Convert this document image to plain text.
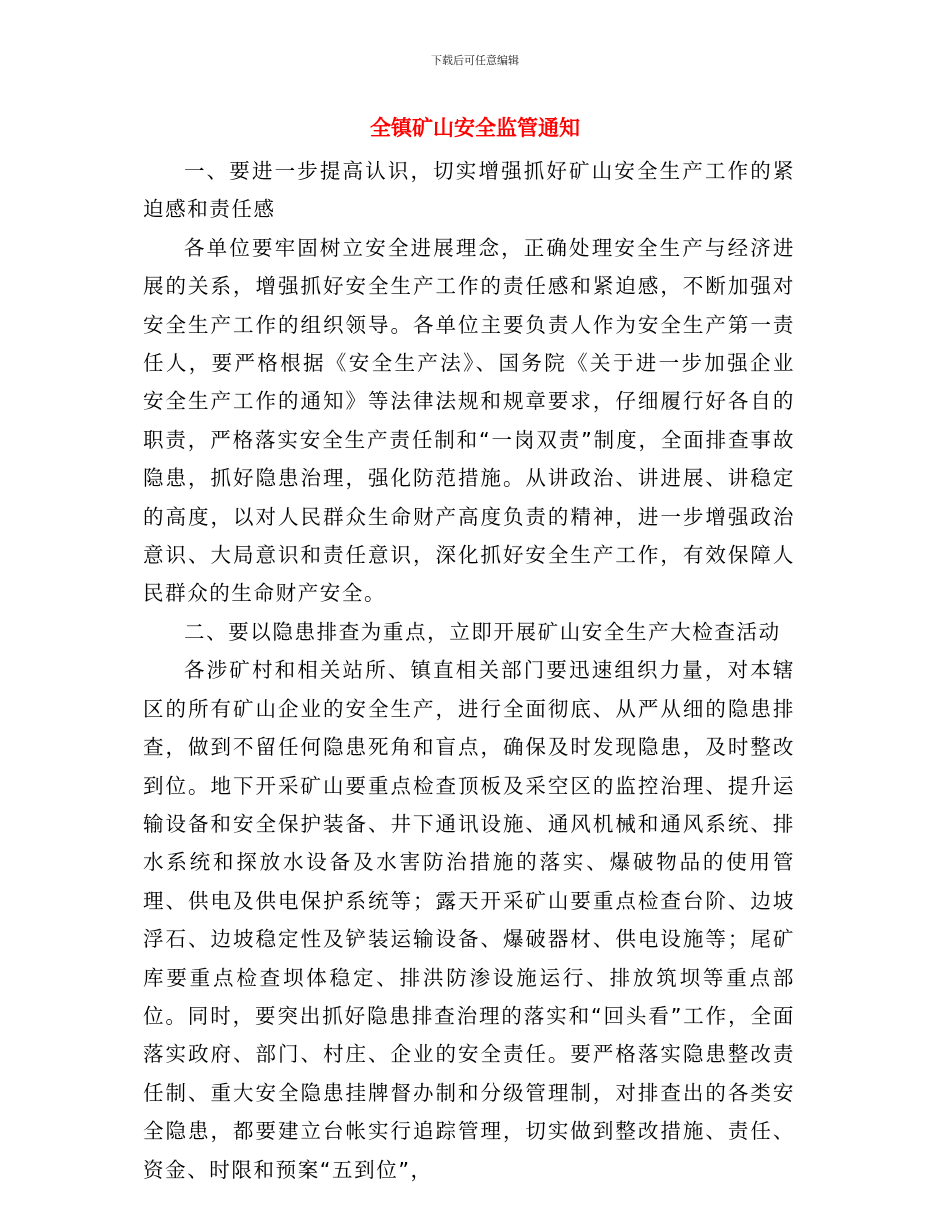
下载后可任意编辑
全镇矿山安全监管通知

一、要进一步提高认识，切实增强抓好矿山安全生产工作的紧迫感和责任感

各单位要牢固树立安全进展理念，正确处理安全生产与经济进展的关系，增强抓好安全生产工作的责任感和紧迫感，不断加强对安全生产工作的组织领导。各单位主要负责人作为安全生产第一责任人，要严格根据《安全生产法》、国务院《关于进一步加强企业安全生产工作的通知》等法律法规和规章要求，仔细履行好各自的职责，严格落实安全生产责任制和“一岗双责”制度，全面排查事故隐患，抓好隐患治理，强化防范措施。从讲政治、讲进展、讲稳定的高度，以对人民群众生命财产高度负责的精神，进一步增强政治意识、大局意识和责任意识，深化抓好安全生产工作，有效保障人民群众的生命财产安全。

二、要以隐患排查为重点，立即开展矿山安全生产大检查活动

各涉矿村和相关站所、镇直相关部门要迅速组织力量，对本辖区的所有矿山企业的安全生产，进行全面彻底、从严从细的隐患排查，做到不留任何隐患死角和盲点，确保及时发现隐患，及时整改到位。地下开采矿山要重点检查顶板及采空区的监控治理、提升运输设备和安全保护装备、井下通讯设施、通风机械和通风系统、排水系统和探放水设备及水害防治措施的落实、爆破物品的使用管理、供电及供电保护系统等；露天开采矿山要重点检查台阶、边坡浮石、边坡稳定性及铲装运输设备、爆破器材、供电设施等；尾矿库要重点检查坝体稳定、排洪防渗设施运行、排放筑坝等重点部位。同时，要突出抓好隐患排查治理的落实和“回头看”工作，全面落实政府、部门、村庄、企业的安全责任。要严格落实隐患整改责任制、重大安全隐患挂牌督办制和分级管理制，对排查出的各类安全隐患，都要建立台帐实行追踪管理，切实做到整改措施、责任、资金、时限和预案“五到位”，
